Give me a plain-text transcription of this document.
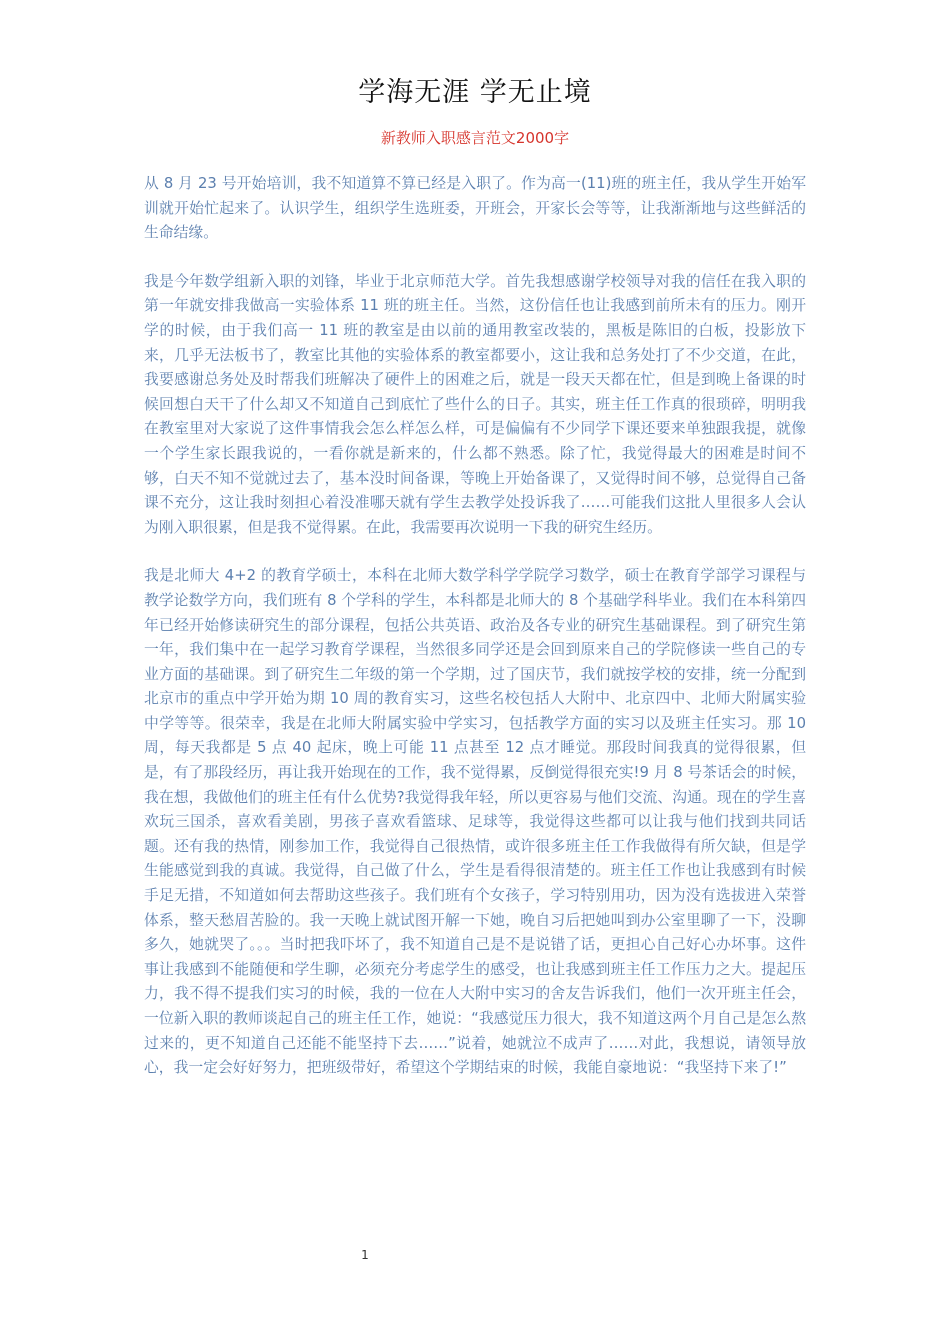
学海无涯 学无止境
新教师入职感言范文2000字

从 8 月 23 号开始培训，我不知道算不算已经是入职了。作为高一(11)班的班主任，我从学生开始军训就开始忙起来了。认识学生，组织学生选班委，开班会，开家长会等等，让我渐渐地与这些鲜活的生命结缘。

我是今年数学组新入职的刘锋，毕业于北京师范大学。首先我想感谢学校领导对我的信任在我入职的第一年就安排我做高一实验体系 11 班的班主任。当然，这份信任也让我感到前所未有的压力。刚开学的时候，由于我们高一 11 班的教室是由以前的通用教室改装的，黑板是陈旧的白板，投影放下来，几乎无法板书了，教室比其他的实验体系的教室都要小，这让我和总务处打了不少交道，在此，我要感谢总务处及时帮我们班解决了硬件上的困难之后，就是一段天天都在忙，但是到晚上备课的时候回想白天干了什么却又不知道自己到底忙了些什么的日子。其实，班主任工作真的很琐碎，明明我在教室里对大家说了这件事情我会怎么样怎么样，可是偏偏有不少同学下课还要来单独跟我提，就像一个学生家长跟我说的，一看你就是新来的，什么都不熟悉。除了忙，我觉得最大的困难是时间不够，白天不知不觉就过去了，基本没时间备课，等晚上开始备课了，又觉得时间不够，总觉得自己备课不充分，这让我时刻担心着没准哪天就有学生去教学处投诉我了……可能我们这批人里很多人会认为刚入职很累，但是我不觉得累。在此，我需要再次说明一下我的研究生经历。

我是北师大 4+2 的教育学硕士，本科在北师大数学科学学院学习数学，硕士在教育学部学习课程与教学论数学方向，我们班有 8 个学科的学生，本科都是北师大的 8 个基础学科毕业。我们在本科第四年已经开始修读研究生的部分课程，包括公共英语、政治及各专业的研究生基础课程。到了研究生第一年，我们集中在一起学习教育学课程，当然很多同学还是会回到原来自己的学院修读一些自己的专业方面的基础课。到了研究生二年级的第一个学期，过了国庆节，我们就按学校的安排，统一分配到北京市的重点中学开始为期 10 周的教育实习，这些名校包括人大附中、北京四中、北师大附属实验中学等等。很荣幸，我是在北师大附属实验中学实习，包括教学方面的实习以及班主任实习。那 10 周，每天我都是 5 点 40 起床，晚上可能 11 点甚至 12 点才睡觉。那段时间我真的觉得很累，但是，有了那段经历，再让我开始现在的工作，我不觉得累，反倒觉得很充实!9 月 8 号茶话会的时候，我在想，我做他们的班主任有什么优势?我觉得我年轻，所以更容易与他们交流、沟通。现在的学生喜欢玩三国杀，喜欢看美剧，男孩子喜欢看篮球、足球等，我觉得这些都可以让我与他们找到共同话题。还有我的热情，刚参加工作，我觉得自己很热情，或许很多班主任工作我做得有所欠缺，但是学生能感觉到我的真诚。我觉得，自己做了什么，学生是看得很清楚的。班主任工作也让我感到有时候手足无措，不知道如何去帮助这些孩子。我们班有个女孩子，学习特别用功，因为没有选拔进入荣誉体系，整天愁眉苦脸的。我一天晚上就试图开解一下她，晚自习后把她叫到办公室里聊了一下，没聊多久，她就哭了。。。当时把我吓坏了，我不知道自己是不是说错了话，更担心自己好心办坏事。这件事让我感到不能随便和学生聊，必须充分考虑学生的感受，也让我感到班主任工作压力之大。提起压力，我不得不提我们实习的时候，我的一位在人大附中实习的舍友告诉我们，他们一次开班主任会，一位新入职的教师谈起自己的班主任工作，她说：“我感觉压力很大，我不知道这两个月自己是怎么熬过来的，更不知道自己还能不能坚持下去……”说着，她就泣不成声了……对此，我想说，请领导放心，我一定会好好努力，把班级带好，希望这个学期结束的时候，我能自豪地说：“我坚持下来了!”

1
